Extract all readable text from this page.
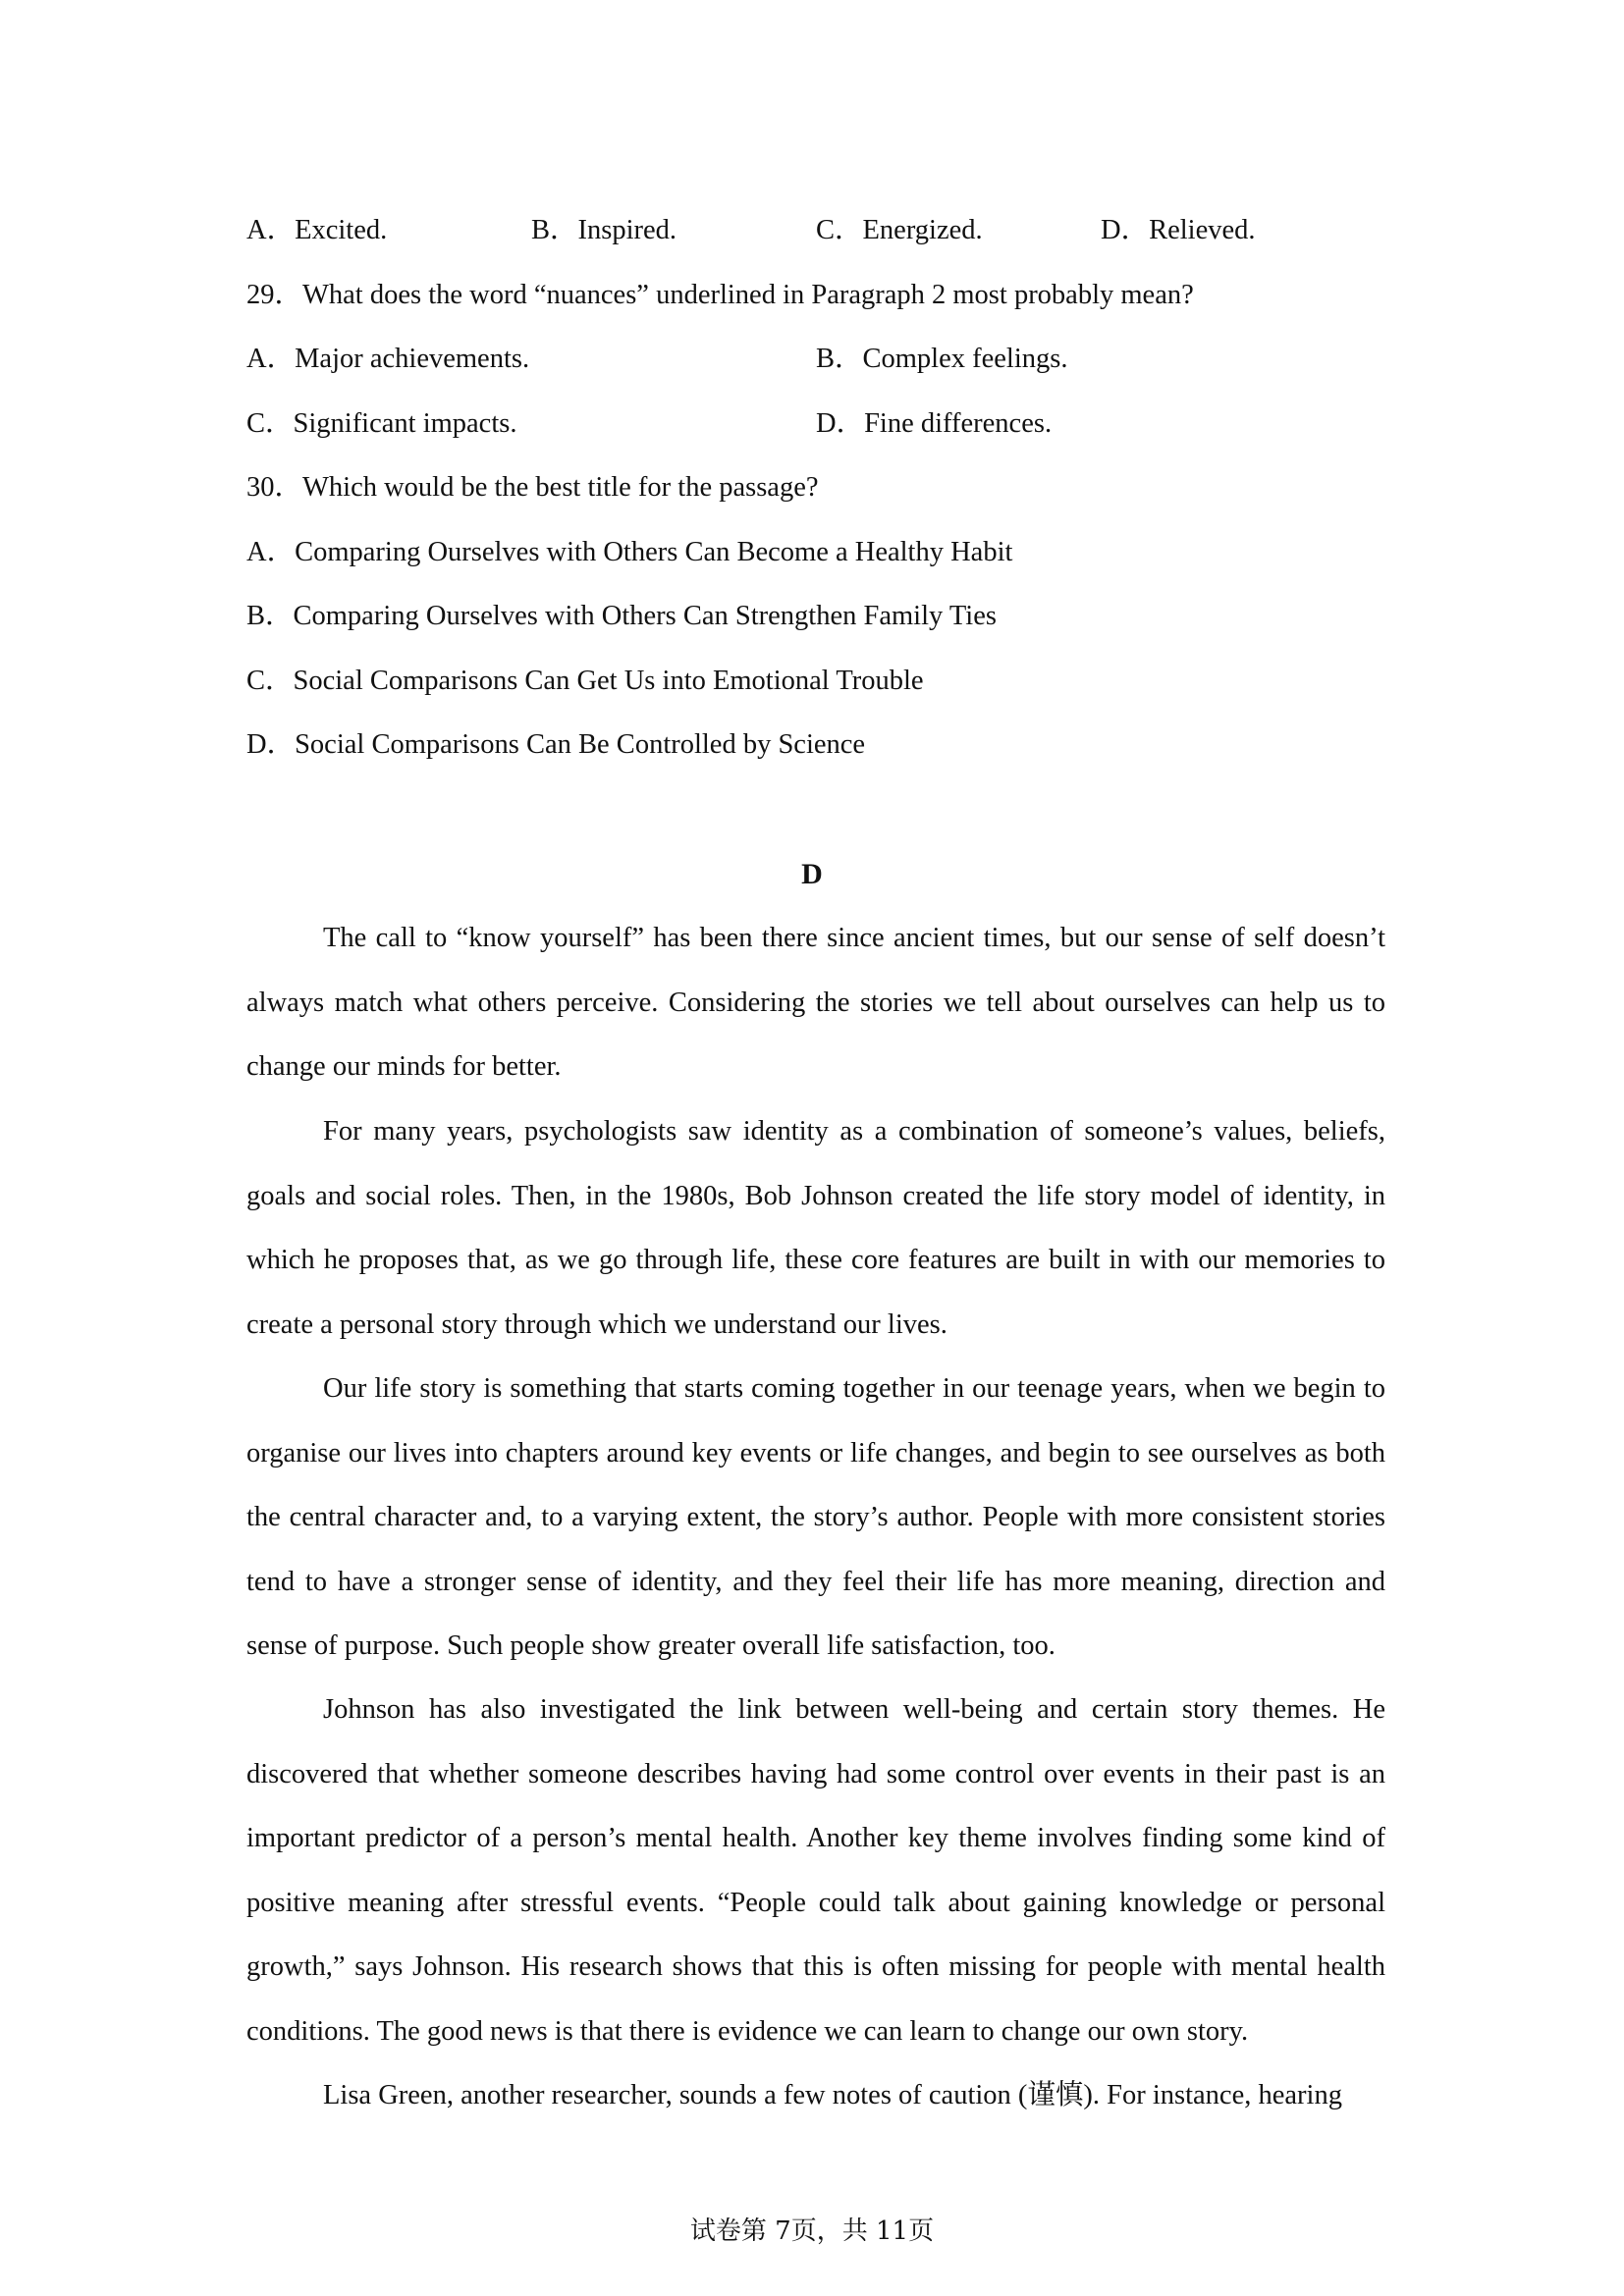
A．Excited.	B．Inspired.	C．Energized.	D．Relieved.
29．What does the word “nuances” underlined in Paragraph 2 most probably mean?
A．Major achievements.	B．Complex feelings.
C．Significant impacts.	D．Fine differences.
30．Which would be the best title for the passage?
A．Comparing Ourselves with Others Can Become a Healthy Habit
B．Comparing Ourselves with Others Can Strengthen Family Ties
C．Social Comparisons Can Get Us into Emotional Trouble
D．Social Comparisons Can Be Controlled by Science
D
The call to “know yourself” has been there since ancient times, but our sense of self doesn’t always match what others perceive. Considering the stories we tell about ourselves can help us to change our minds for better.
For many years, psychologists saw identity as a combination of someone’s values, beliefs, goals and social roles. Then, in the 1980s, Bob Johnson created the life story model of identity, in which he proposes that, as we go through life, these core features are built in with our memories to create a personal story through which we understand our lives.
Our life story is something that starts coming together in our teenage years, when we begin to organise our lives into chapters around key events or life changes, and begin to see ourselves as both the central character and, to a varying extent, the story’s author. People with more consistent stories tend to have a stronger sense of identity, and they feel their life has more meaning, direction and sense of purpose. Such people show greater overall life satisfaction, too.
Johnson has also investigated the link between well-being and certain story themes. He discovered that whether someone describes having had some control over events in their past is an important predictor of a person’s mental health. Another key theme involves finding some kind of positive meaning after stressful events. “People could talk about gaining knowledge or personal growth,” says Johnson. His research shows that this is often missing for people with mental health conditions. The good news is that there is evidence we can learn to change our own story.
Lisa Green, another researcher, sounds a few notes of caution (谨慎). For instance, hearing
试卷第 7页，共 11页
